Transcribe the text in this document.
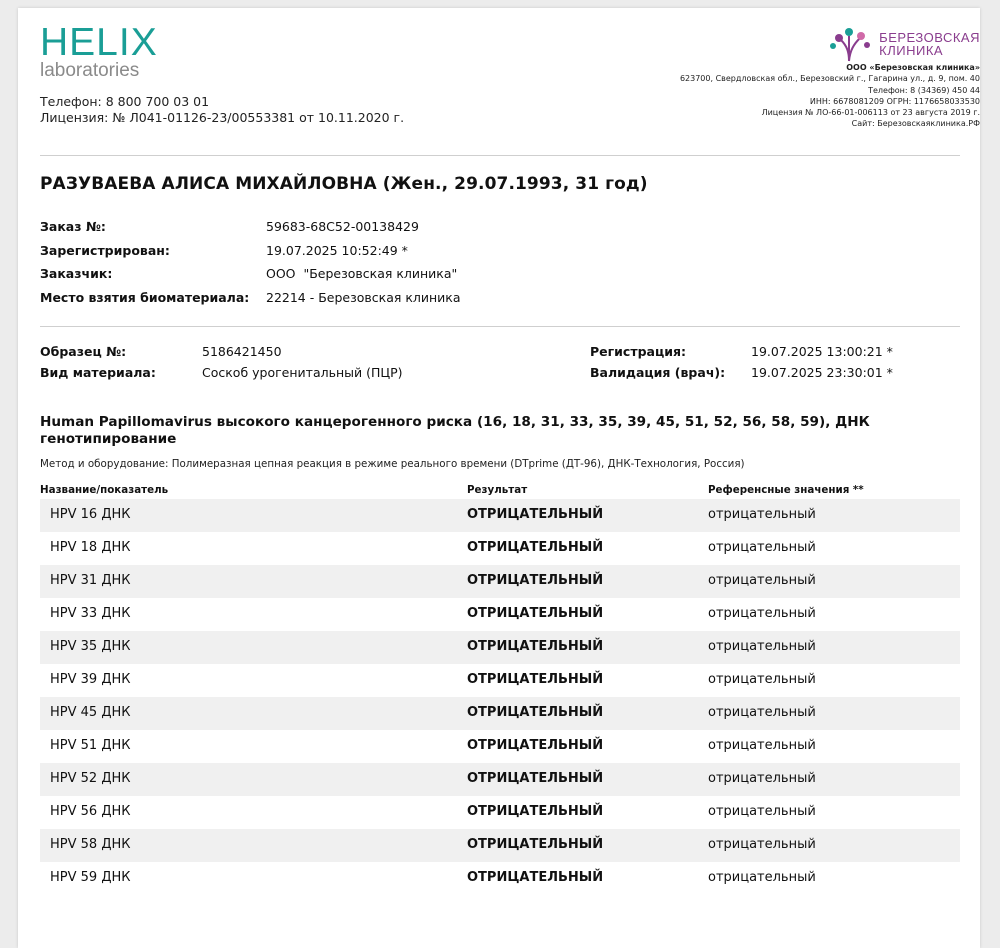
HELIX
laboratories
Телефон: 8 800 700 03 01
Лицензия: № Л041-01126-23/00553381 от 10.11.2020 г.
БЕРЕЗОВСКАЯ
КЛИНИКА
ООО «Березовская клиника»
623700, Свердловская обл., Березовский г., Гагарина ул., д. 9, пом. 40
Телефон: 8 (34369) 450 44
ИНН: 6678081209 ОГРН: 1176658033530
Лицензия № ЛО-66-01-006113 от 23 августа 2019 г.
Сайт: Березовскаяклиника.РФ
РАЗУВАЕВА АЛИСА МИХАЙЛОВНА (Жен., 29.07.1993, 31 год)
Заказ №:	59683-68C52-00138429
Зарегистрирован:	19.07.2025 10:52:49 *
Заказчик:	ООО  "Березовская клиника"
Место взятия биоматериала:	22214 - Березовская клиника
Образец №:	5186421450
Вид материала:	Соскоб урогенитальный (ПЦР)
Регистрация:	19.07.2025 13:00:21 *
Валидация (врач):	19.07.2025 23:30:01 *
Human Papillomavirus высокого канцерогенного риска (16, 18, 31, 33, 35, 39, 45, 51, 52, 56, 58, 59), ДНК генотипирование
Метод и оборудование: Полимеразная цепная реакция в режиме реального времени (DTprime (ДТ-96), ДНК-Технология, Россия)
Название/показатель	Результат	Референсные значения **
HPV 16 ДНК	ОТРИЦАТЕЛЬНЫЙ	отрицательный
HPV 18 ДНК	ОТРИЦАТЕЛЬНЫЙ	отрицательный
HPV 31 ДНК	ОТРИЦАТЕЛЬНЫЙ	отрицательный
HPV 33 ДНК	ОТРИЦАТЕЛЬНЫЙ	отрицательный
HPV 35 ДНК	ОТРИЦАТЕЛЬНЫЙ	отрицательный
HPV 39 ДНК	ОТРИЦАТЕЛЬНЫЙ	отрицательный
HPV 45 ДНК	ОТРИЦАТЕЛЬНЫЙ	отрицательный
HPV 51 ДНК	ОТРИЦАТЕЛЬНЫЙ	отрицательный
HPV 52 ДНК	ОТРИЦАТЕЛЬНЫЙ	отрицательный
HPV 56 ДНК	ОТРИЦАТЕЛЬНЫЙ	отрицательный
HPV 58 ДНК	ОТРИЦАТЕЛЬНЫЙ	отрицательный
HPV 59 ДНК	ОТРИЦАТЕЛЬНЫЙ	отрицательный
